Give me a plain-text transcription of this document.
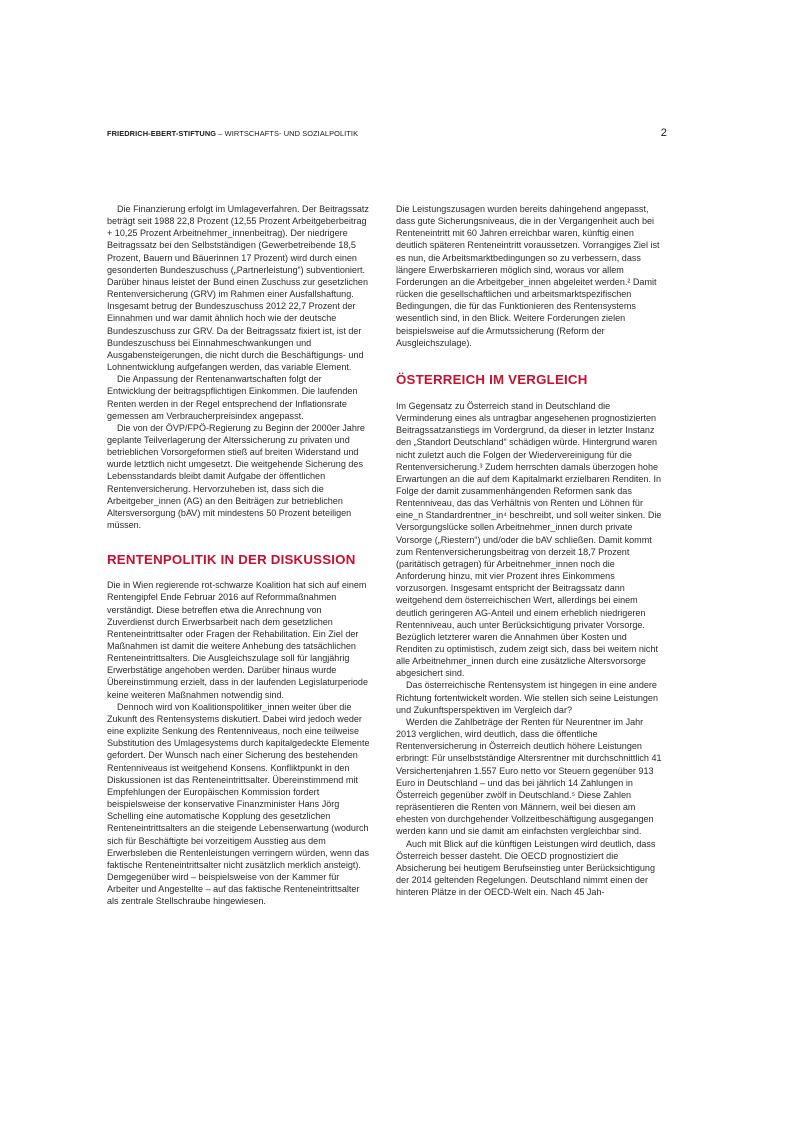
FRIEDRICH-EBERT-STIFTUNG – WIRTSCHAFTS- UND SOZIALPOLITIK	2

Die Finanzierung erfolgt im Umlageverfahren. Der Beitragssatz beträgt seit 1988 22,8 Prozent (12,55 Prozent Arbeitgeberbeitrag + 10,25 Prozent Arbeitnehmer_innenbeitrag). Der niedrigere Beitragssatz bei den Selbstständigen (Gewerbetreibende 18,5 Prozent, Bauern und Bäuerinnen 17 Prozent) wird durch einen gesonderten Bundeszuschuss („Partnerleistung“) subventioniert. Darüber hinaus leistet der Bund einen Zuschuss zur gesetzlichen Rentenversicherung (GRV) im Rahmen einer Ausfallshaftung. Insgesamt betrug der Bundeszuschuss 2012 22,7 Prozent der Einnahmen und war damit ähnlich hoch wie der deutsche Bundeszuschuss zur GRV. Da der Beitragssatz fixiert ist, ist der Bundeszuschuss bei Einnahmeschwankungen und Ausgabensteigerungen, die nicht durch die Beschäftigungs- und Lohnentwicklung aufgefangen werden, das variable Element.

Die Anpassung der Rentenanwartschaften folgt der Entwicklung der beitragspflichtigen Einkommen. Die laufenden Renten werden in der Regel entsprechend der Inflationsrate gemessen am Verbraucherpreisindex angepasst.

Die von der ÖVP/FPÖ-Regierung zu Beginn der 2000er Jahre geplante Teilverlagerung der Alterssicherung zu privaten und betrieblichen Vorsorgeformen stieß auf breiten Widerstand und wurde letztlich nicht umgesetzt. Die weitgehende Sicherung des Lebensstandards bleibt damit Aufgabe der öffentlichen Rentenversicherung. Hervorzuheben ist, dass sich die Arbeitgeber_innen (AG) an den Beiträgen zur betrieblichen Altersversorgung (bAV) mit mindestens 50 Prozent beteiligen müssen.

RENTENPOLITIK IN DER DISKUSSION

Die in Wien regierende rot-schwarze Koalition hat sich auf einem Rentengipfel Ende Februar 2016 auf Reformmaßnahmen verständigt. Diese betreffen etwa die Anrechnung von Zuverdienst durch Erwerbsarbeit nach dem gesetzlichen Renteneintrittsalter oder Fragen der Rehabilitation. Ein Ziel der Maßnahmen ist damit die weitere Anhebung des tatsächlichen Renteneintrittsalters. Die Ausgleichszulage soll für langjährig Erwerbstätige angehoben werden. Darüber hinaus wurde Übereinstimmung erzielt, dass in der laufenden Legislaturperiode keine weiteren Maßnahmen notwendig sind.

Dennoch wird von Koalitionspolitiker_innen weiter über die Zukunft des Rentensystems diskutiert. Dabei wird jedoch weder eine explizite Senkung des Rentenniveaus, noch eine teilweise Substitution des Umlagesystems durch kapitalgedeckte Elemente gefordert. Der Wunsch nach einer Sicherung des bestehenden Rentenniveaus ist weitgehend Konsens. Konfliktpunkt in den Diskussionen ist das Renteneintrittsalter. Übereinstimmend mit Empfehlungen der Europäischen Kommission fordert beispielsweise der konservative Finanzminister Hans Jörg Schelling eine automatische Kopplung des gesetzlichen Renteneintrittsalters an die steigende Lebenserwartung (wodurch sich für Beschäftigte bei vorzeitigem Ausstieg aus dem Erwerbsleben die Rentenleistungen verringern würden, wenn das faktische Renteneintrittsalter nicht zusätzlich merklich ansteigt). Demgegenüber wird – beispielsweise von der Kammer für Arbeiter und Angestellte – auf das faktische Renteneintrittsalter als zentrale Stellschraube hingewiesen.

Die Leistungszusagen wurden bereits dahingehend angepasst, dass gute Sicherungsniveaus, die in der Vergangenheit auch bei Renteneintritt mit 60 Jahren erreichbar waren, künftig einen deutlich späteren Renteneintritt voraussetzen. Vorrangiges Ziel ist es nun, die Arbeitsmarktbedingungen so zu verbessern, dass längere Erwerbskarrieren möglich sind, woraus vor allem Forderungen an die Arbeitgeber_innen abgeleitet werden.² Damit rücken die gesellschaftlichen und arbeitsmarktspezifischen Bedingungen, die für das Funktionieren des Rentensystems wesentlich sind, in den Blick. Weitere Forderungen zielen beispielsweise auf die Armutssicherung (Reform der Ausgleichszulage).

ÖSTERREICH IM VERGLEICH

Im Gegensatz zu Österreich stand in Deutschland die Verminderung eines als untragbar angesehenen prognostizierten Beitragssatzanstiegs im Vordergrund, da dieser in letzter Instanz den „Standort Deutschland“ schädigen würde. Hintergrund waren nicht zuletzt auch die Folgen der Wiedervereinigung für die Rentenversicherung.³ Zudem herrschten damals überzogen hohe Erwartungen an die auf dem Kapitalmarkt erzielbaren Renditen. In Folge der damit zusammenhängenden Reformen sank das Rentenniveau, das das Verhältnis von Renten und Löhnen für eine_n Standardrentner_in⁴ beschreibt, und soll weiter sinken. Die Versorgungslücke sollen Arbeitnehmer_innen durch private Vorsorge („Riestern“) und/oder die bAV schließen. Damit kommt zum Rentenversicherungsbeitrag von derzeit 18,7 Prozent (paritätisch getragen) für Arbeitnehmer_innen noch die Anforderung hinzu, mit vier Prozent ihres Einkommens vorzusorgen. Insgesamt entspricht der Beitragssatz dann weitgehend dem österreichischen Wert, allerdings bei einem deutlich geringeren AG-Anteil und einem erheblich niedrigeren Rentenniveau, auch unter Berücksichtigung privater Vorsorge. Bezüglich letzterer waren die Annahmen über Kosten und Renditen zu optimistisch, zudem zeigt sich, dass bei weitem nicht alle Arbeitnehmer_innen durch eine zusätzliche Altersvorsorge abgesichert sind.

Das österreichische Rentensystem ist hingegen in eine andere Richtung fortentwickelt worden. Wie stellen sich seine Leistungen und Zukunftsperspektiven im Vergleich dar?

Werden die Zahlbeträge der Renten für Neurentner im Jahr 2013 verglichen, wird deutlich, dass die öffentliche Rentenversicherung in Österreich deutlich höhere Leistungen erbringt: Für unselbstständige Altersrentner mit durchschnittlich 41 Versichertenjahren 1.557 Euro netto vor Steuern gegenüber 913 Euro in Deutschland – und das bei jährlich 14 Zahlungen in Österreich gegenüber zwölf in Deutschland.⁵ Diese Zahlen repräsentieren die Renten von Männern, weil bei diesen am ehesten von durchgehender Vollzeitbeschäftigung ausgegangen werden kann und sie damit am einfachsten vergleichbar sind.

Auch mit Blick auf die künftigen Leistungen wird deutlich, dass Österreich besser dasteht. Die OECD prognostiziert die Absicherung bei heutigem Berufseinstieg unter Berücksichtigung der 2014 geltenden Regelungen. Deutschland nimmt einen der hinteren Plätze in der OECD-Welt ein. Nach 45 Jah-
